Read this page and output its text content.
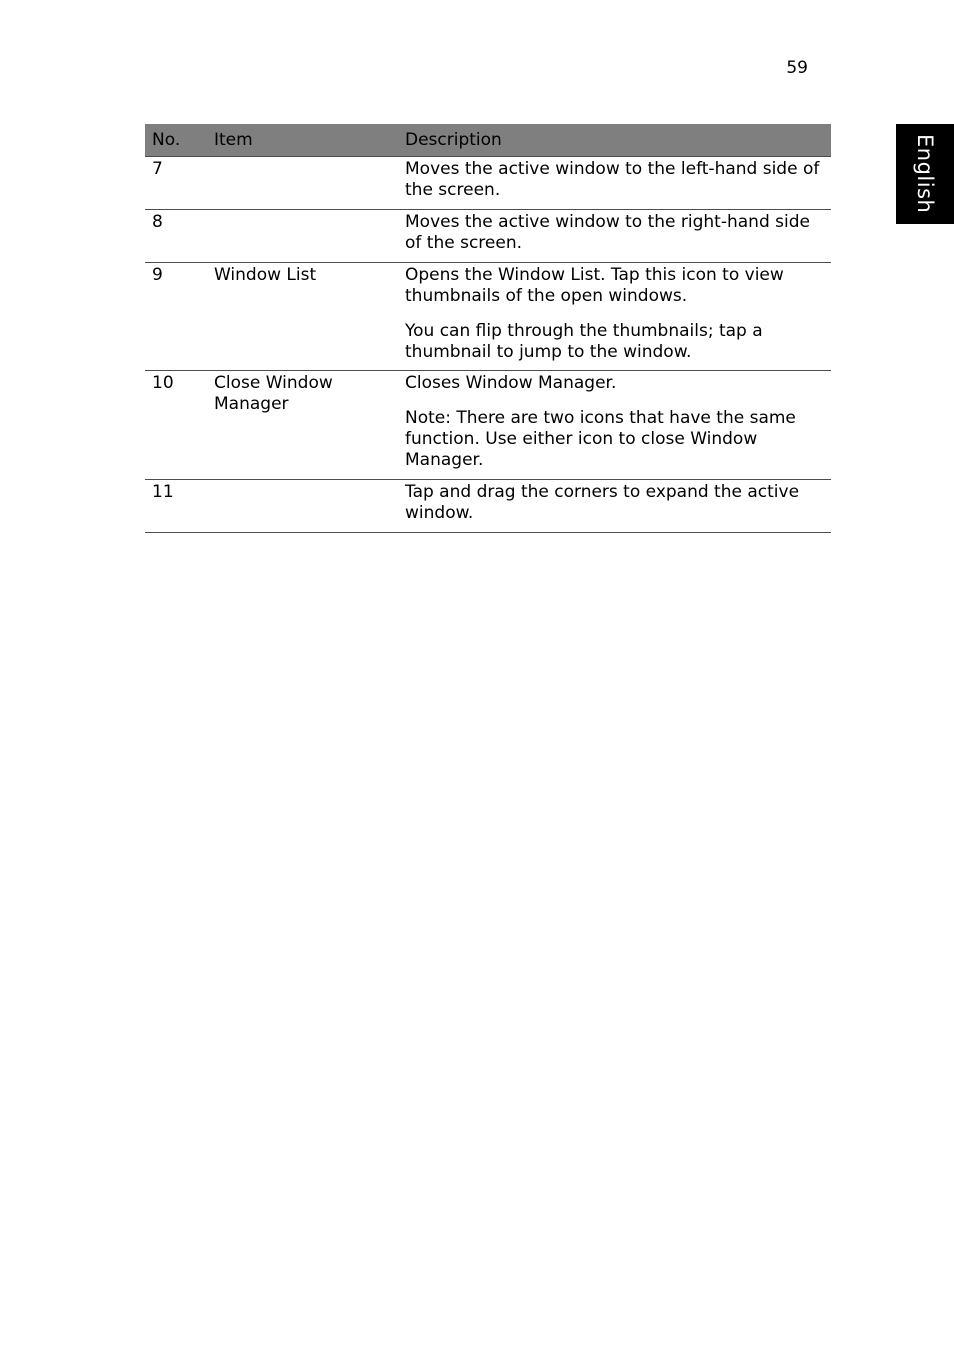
59
English
No.	Item	Description

7		Moves the active window to the left-hand side of the screen.

8		Moves the active window to the right-hand side of the screen.

9	Window List	Opens the Window List. Tap this icon to view thumbnails of the open windows.

You can flip through the thumbnails; tap a thumbnail to jump to the window.

10	Close Window Manager	Closes Window Manager.

Note: There are two icons that have the same function. Use either icon to close Window Manager.

11		Tap and drag the corners to expand the active window.
